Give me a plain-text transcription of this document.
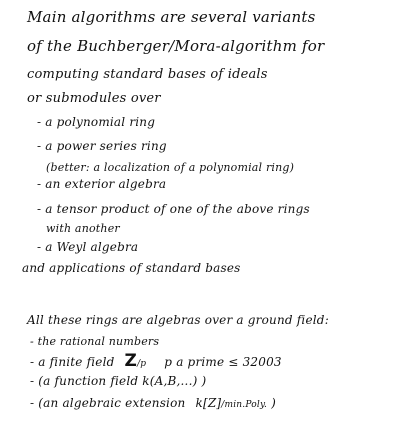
Main algorithms are several variants
of the Buchberger/Mora-algorithm for
computing standard bases of ideals
or submodules over
- a polynomial ring
- a power series ring
(better: a localization of a polynomial ring)
- an exterior algebra
- a tensor product of one of the above rings
with another
- a Weyl algebra
and applications of standard bases
All these rings are algebras over a ground field:
- the rational numbers
- a finite field Z/p p a prime ≤ 32003
- (a function field k(A,B,...) )
- (an algebraic extension k[Z]/min.Poly. )
